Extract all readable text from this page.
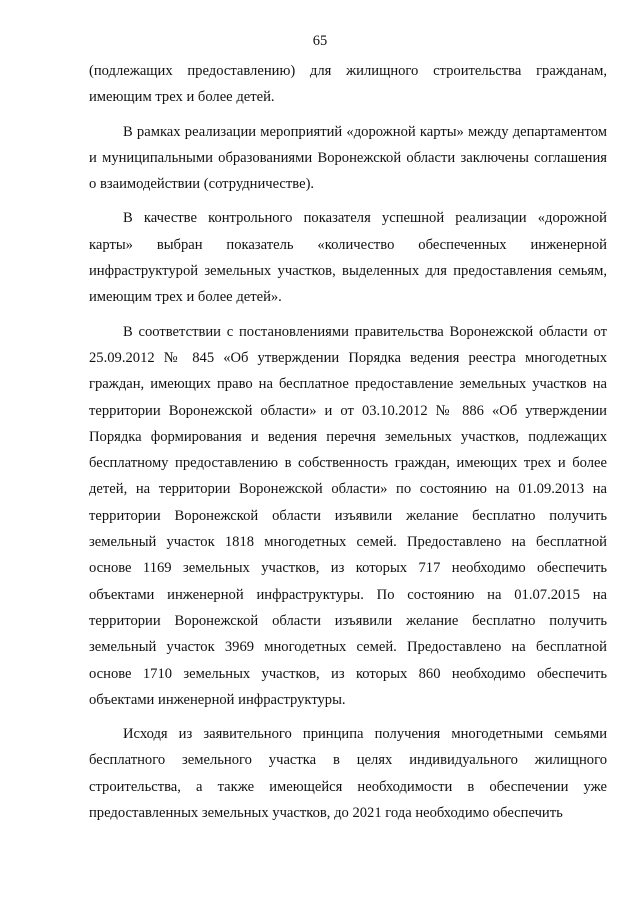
65

(подлежащих предоставлению) для жилищного строительства гражданам, имеющим трех и более детей.

В рамках реализации мероприятий «дорожной карты» между департаментом и муниципальными образованиями Воронежской области заключены соглашения о взаимодействии (сотрудничестве).

В качестве контрольного показателя успешной реализации «дорожной карты» выбран показатель «количество обеспеченных инженерной инфраструктурой земельных участков, выделенных для предоставления семьям, имеющим трех и более детей».

В соответствии с постановлениями правительства Воронежской области от 25.09.2012 № 845 «Об утверждении Порядка ведения реестра многодетных граждан, имеющих право на бесплатное предоставление земельных участков на территории Воронежской области» и от 03.10.2012 № 886 «Об утверждении Порядка формирования и ведения перечня земельных участков, подлежащих бесплатному предоставлению в собственность граждан, имеющих трех и более детей, на территории Воронежской области» по состоянию на 01.09.2013 на территории Воронежской области изъявили желание бесплатно получить земельный участок 1818 многодетных семей. Предоставлено на бесплатной основе 1169 земельных участков, из которых 717 необходимо обеспечить объектами инженерной инфраструктуры. По состоянию на 01.07.2015 на территории Воронежской области изъявили желание бесплатно получить земельный участок 3969 многодетных семей. Предоставлено на бесплатной основе 1710 земельных участков, из которых 860 необходимо обеспечить объектами инженерной инфраструктуры.

Исходя из заявительного принципа получения многодетными семьями бесплатного земельного участка в целях индивидуального жилищного строительства, а также имеющейся необходимости в обеспечении уже предоставленных земельных участков, до 2021 года необходимо обеспечить
